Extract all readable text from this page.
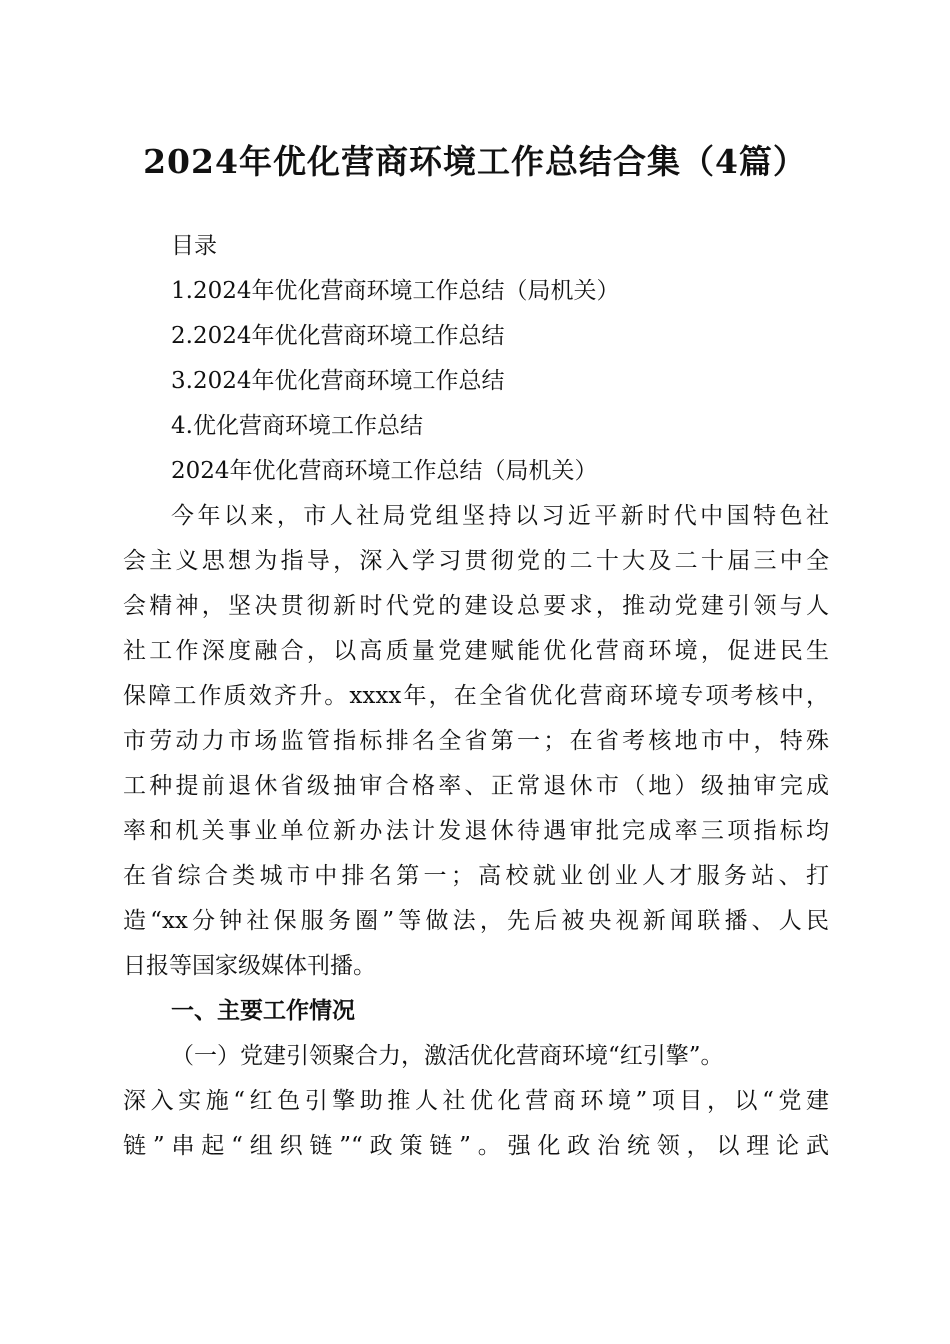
2024年优化营商环境工作总结合集（4篇）
目录
1.2024年优化营商环境工作总结（局机关）
2.2024年优化营商环境工作总结
3.2024年优化营商环境工作总结
4.优化营商环境工作总结
2024年优化营商环境工作总结（局机关）
今年以来，市人社局党组坚持以习近平新时代中国特色社
会主义思想为指导，深入学习贯彻党的二十大及二十届三中全
会精神，坚决贯彻新时代党的建设总要求，推动党建引领与人
社工作深度融合，以高质量党建赋能优化营商环境，促进民生
保障工作质效齐升。xxxx年，在全省优化营商环境专项考核中，
市劳动力市场监管指标排名全省第一；在省考核地市中，特殊
工种提前退休省级抽审合格率、正常退休市（地）级抽审完成
率和机关事业单位新办法计发退休待遇审批完成率三项指标均
在省综合类城市中排名第一；高校就业创业人才服务站、打
造“xx分钟社保服务圈”等做法，先后被央视新闻联播、人民
日报等国家级媒体刊播。
一、主要工作情况
（一）党建引领聚合力，激活优化营商环境“红引擎”。
深入实施“红色引擎助推人社优化营商环境”项目，以“党建
链”串起“组织链”“政策链”。强化政治统领，以理论武
